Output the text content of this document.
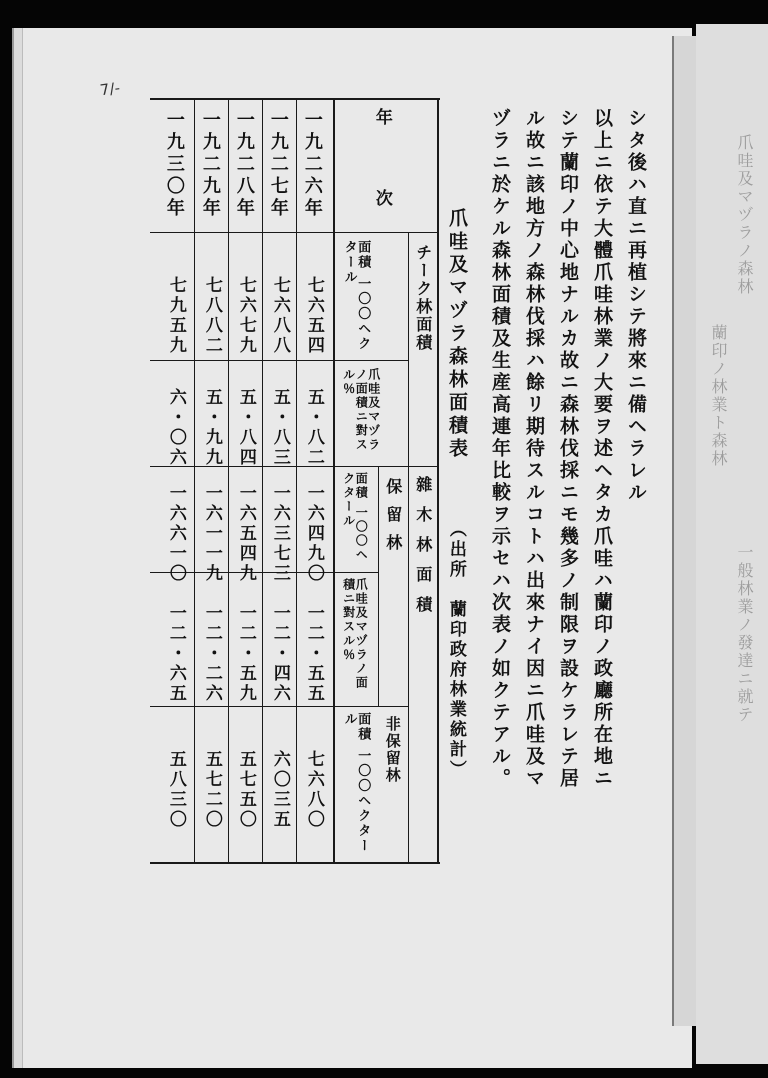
爪哇及マヅラノ森林
蘭印ノ林業ト森林
一般林業ノ發達ニ就テ
7/-
シタ後ハ直ニ再植シテ將來ニ備ヘラレル
以上ニ依テ大體爪哇林業ノ大要ヲ述ヘタカ爪哇ハ蘭印ノ政廳所在地ニ
シテ蘭印ノ中心地ナルカ故ニ森林伐採ニモ幾多ノ制限ヲ設ケラレテ居
ル故ニ該地方ノ森林伐採ハ餘リ期待スルコトハ出來ナイ因ニ爪哇及マ
ヅラニ於ケル森林面積及生産高連年比較ヲ示セハ次表ノ如クテアル。
爪哇及マヅラ森林面積表
（出所　蘭印政府林業統計）
年　　次
チーク林面積
雜木林面積
保留林
非保留林
面積 一〇〇ヘクタール
爪哇及マヅラノ面積ニ對スル％
面積 一〇〇ヘクタール
爪哇及マヅラノ面積ニ對スル％
面積 一〇〇ヘクタール
一九二六年
七六五四
五・八二
一六四九〇
一二・五五
七六八〇
一九二七年
七六八八
五・八三
一六三七三
一二・四六
六〇三五
一九二八年
七六七九
五・八四
一六五四九
一二・五九
五七五〇
一九二九年
七八八二
五・九九
一六一一九
一二・二六
五七二〇
一九三〇年
七九五九
六・〇六
一六六一〇
一二・六五
五八三〇
